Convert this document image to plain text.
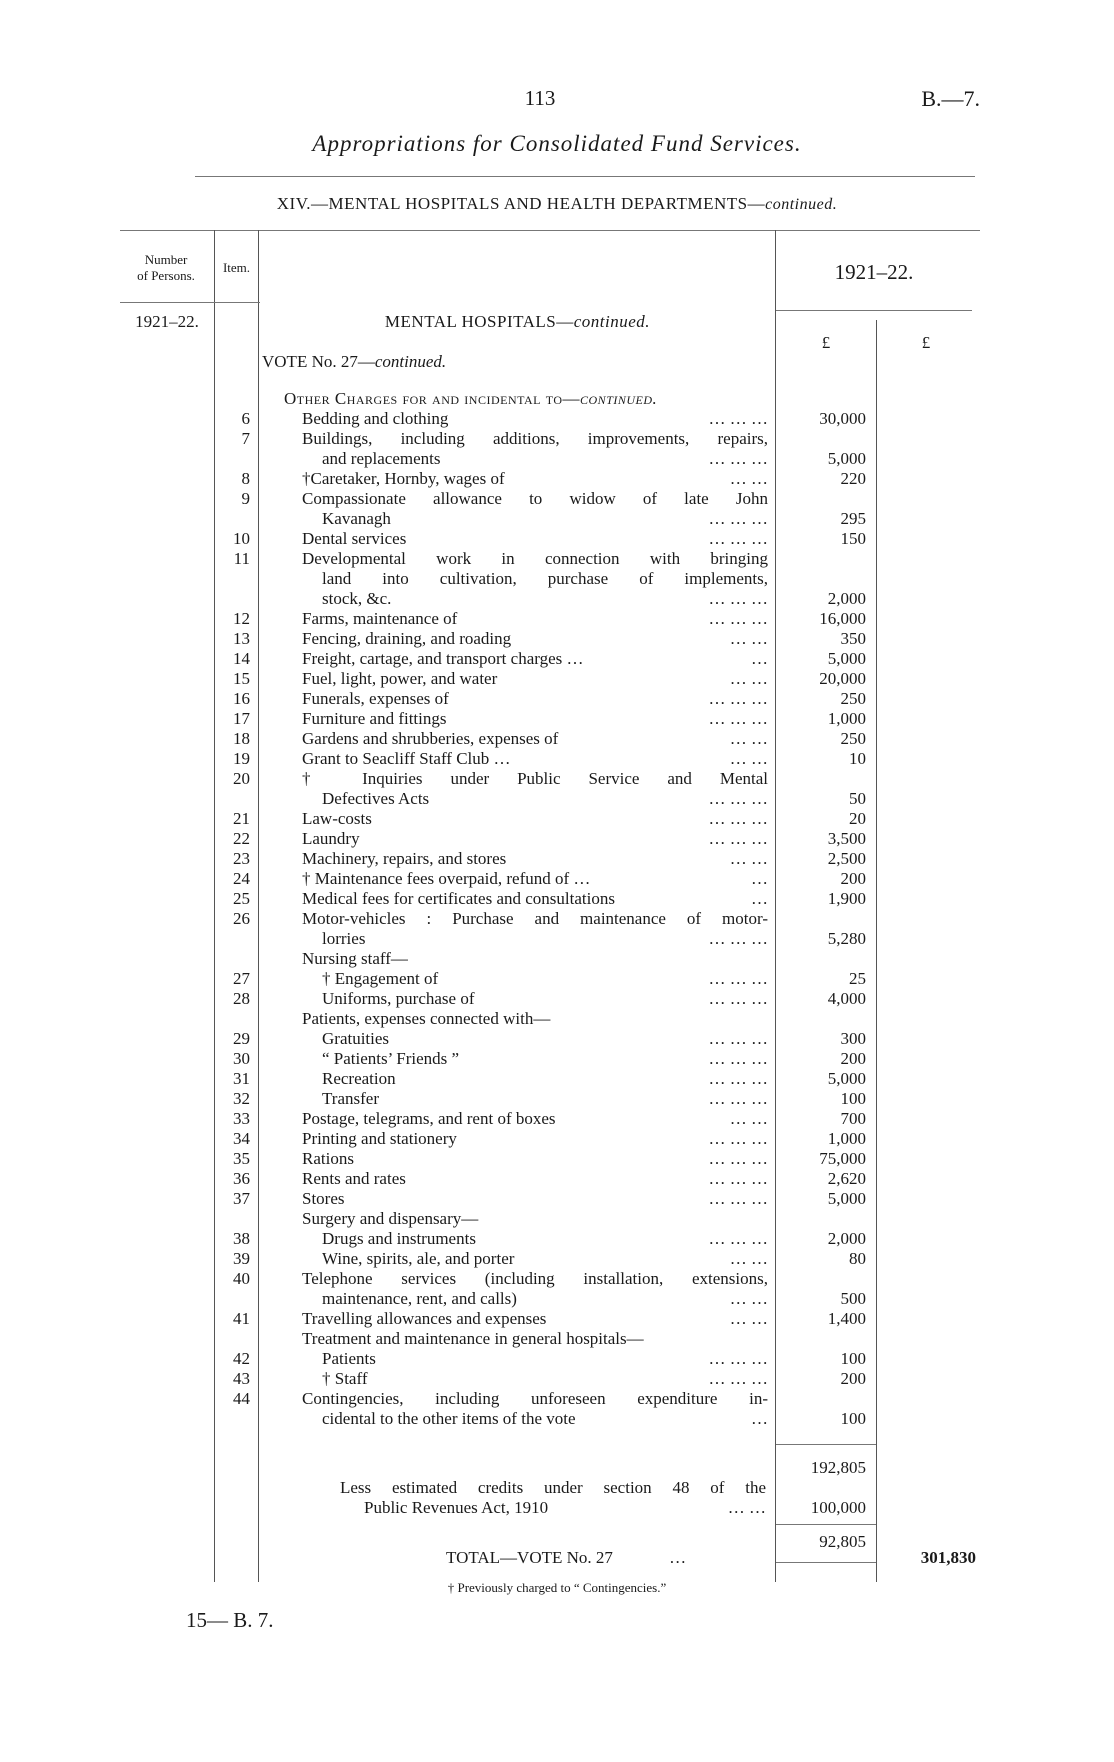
113	B.—7.
Appropriations for Consolidated Fund Services.
XIV.—MENTAL HOSPITALS AND HEALTH DEPARTMENTS—continued.
Number
of Persons.
Item.	1921–22.
1921–22.
£	£
MENTAL HOSPITALS—continued.
VOTE No. 27—continued.
Other Charges for and incidental to—continued.
6	Bedding and clothing	… … …	30,000
7	Buildings, including additions, improvements, repairs,
and replacements	… … …	5,000
8	†Caretaker, Hornby, wages of	… …	220
9	Compassionate allowance to widow of late John
Kavanagh	… … …	295
10	Dental services	… … …	150
11	Developmental work in connection with bringing
land into cultivation, purchase of implements,
stock, &c.	… … …	2,000
12	Farms, maintenance of	… … …	16,000
13	Fencing, draining, and roading	… …	350
14	Freight, cartage, and transport charges …	…	5,000
15	Fuel, light, power, and water	… …	20,000
16	Funerals, expenses of	… … …	250
17	Furniture and fittings	… … …	1,000
18	Gardens and shrubberies, expenses of	… …	250
19	Grant to Seacliff Staff Club …	… …	10
20	† Inquiries under Public Service and Mental
Defectives Acts	… … …	50
21	Law-costs	… … …	20
22	Laundry	… … …	3,500
23	Machinery, repairs, and stores	… …	2,500
24	† Maintenance fees overpaid, refund of …	…	200
25	Medical fees for certificates and consultations	…	1,900
26	Motor-vehicles : Purchase and maintenance of motor-
lorries	… … …	5,280
Nursing staff—
27	† Engagement of	… … …	25
28	Uniforms, purchase of	… … …	4,000
Patients, expenses connected with—
29	Gratuities	… … …	300
30	“ Patients’ Friends ”	… … …	200
31	Recreation	… … …	5,000
32	Transfer	… … …	100
33	Postage, telegrams, and rent of boxes	… …	700
34	Printing and stationery	… … …	1,000
35	Rations	… … …	75,000
36	Rents and rates	… … …	2,620
37	Stores	… … …	5,000
Surgery and dispensary—
38	Drugs and instruments	… … …	2,000
39	Wine, spirits, ale, and porter	… …	80
40	Telephone services (including installation, extensions,
maintenance, rent, and calls)	… …	500
41	Travelling allowances and expenses	… …	1,400
Treatment and maintenance in general hospitals—
42	Patients	… … …	100
43	† Staff	… … …	200
44	Contingencies, including unforeseen expenditure in-
cidental to the other items of the vote	…	100
192,805
Less estimated credits under section 48 of the
Public Revenues Act, 1910	… …	100,000
92,805
TOTAL—VOTE No. 27	…	301,830
† Previously charged to “ Contingencies.”
15— B. 7.
